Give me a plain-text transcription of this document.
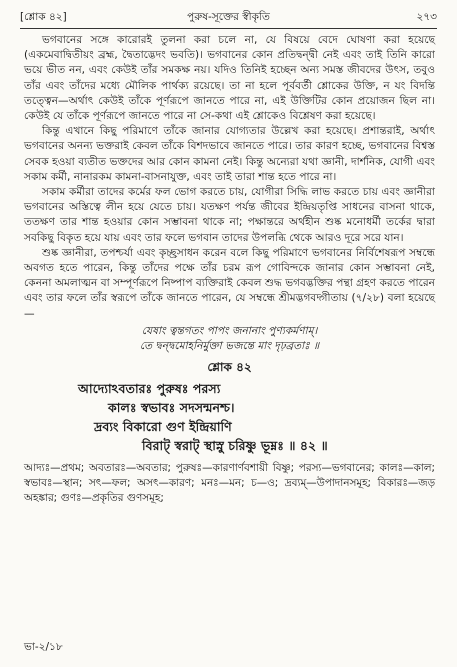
[শ্লোক ৪২]	পুরুষ-সূক্তের স্বীকৃতি	২৭৩

ভগবানের সঙ্গে কারোরই তুলনা করা চলে না, যে বিষয়ে বেদে ঘোষণা করা হয়েছে (একমেবাদ্বিতীয়ং ব্রহ্ম, দ্বৈতাদ্ভেদং ভবতি)। ভগবানের কোন প্রতিদ্বন্দ্বী নেই এবং তাই তিনি কারো ভয়ে ভীত নন, এবং কেউই তাঁর সমকক্ষ নয়। যদিও তিনিই হচ্ছেন অন্য সমস্ত জীবদের উৎস, তবুও তাঁর এবং তাঁদের মধ্যে মৌলিক পার্থক্য রয়েছে। তা না হলে পূর্ববর্তী শ্লোকের উক্তি, ন যং বিদন্তি তত্ত্বেন—অর্থাৎ কেউই তাঁকে পূর্ণরূপে জানতে পারে না, এই উক্তিটির কোন প্রয়োজন ছিল না। কেউই যে তাঁকে পূর্ণরূপে জানতে পারে না সে-কথা এই শ্লোকেও বিশ্লেষণ করা হয়েছে।

কিন্তু এখানে কিছু পরিমাণে তাঁকে জানার যোগ্যতার উল্লেখ করা হয়েছে। প্রশান্তরাই, অর্থাৎ ভগবানের অনন্য ভক্তরাই কেবল তাঁকে বিশদভাবে জানতে পারে। তার কারণ হচ্ছে, ভগবানের বিশ্বস্ত সেবক হওয়া ব্যতীত ভক্তদের আর কোন কামনা নেই। কিন্তু অন্যেরা যথা জ্ঞানী, দার্শনিক, যোগী এবং সকাম কর্মী, নানারকম কামনা-বাসনাযুক্ত, এবং তাই তারা শান্ত হতে পারে না।

সকাম কর্মীরা তাদের কর্মের ফল ভোগ করতে চায়, যোগীরা সিদ্ধি লাভ করতে চায় এবং জ্ঞানীরা ভগবানের অস্তিত্বে লীন হয়ে যেতে চায়। যতক্ষণ পর্যন্ত জীবের ইন্দ্রিয়তৃপ্তি সাধনের বাসনা থাকে, ততক্ষণ তার শান্ত হওয়ার কোন সম্ভাবনা থাকে না; পক্ষান্তরে অর্থহীন শুষ্ক মনোধর্মী তর্কের দ্বারা সবকিছু বিকৃত হয়ে যায় এবং তার ফলে ভগবান তাদের উপলব্ধি থেকে আরও দূরে সরে যান।

শুষ্ক জ্ঞানীরা, তপশ্চর্যা এবং কৃচ্ছ্রসাধন করেন বলে কিছু পরিমাণে ভগবানের নির্বিশেষরূপ সম্বন্ধে অবগত হতে পারেন, কিন্তু তাঁদের পক্ষে তাঁর চরম রূপ গোবিন্দকে জানার কোন সম্ভাবনা নেই, কেননা অমলাত্মন বা সম্পূর্ণরূপে নিষ্পাপ ব্যক্তিরাই কেবল শুদ্ধ ভগবদ্ভক্তির পন্থা গ্রহণ করতে পারেন এবং তার ফলে তাঁর স্বরূপে তাঁকে জানতে পারেন, যে সম্বন্ধে শ্রীমদ্ভগবদ্গীতায় (৭/২৮) বলা হয়েছে—

যেষাং ত্বন্তগতং পাপং জনানাং পুণ্যকর্মণাম্‌।
তে দ্বন্দ্বমোহনির্মুক্তা ভজন্তে মাং দৃঢ়ব্রতাঃ ॥
শ্লোক ৪২
আদ্যোঽবতারঃ পুরুষঃ পরস্য
কালঃ স্বভাবঃ সদসন্মনশ্চ।
দ্রব্যং বিকারো গুণ ইন্দ্রিয়াণি
বিরাট্‌ স্বরাট্‌ স্থাস্নু চরিষ্ণু ভূম্নঃ ॥ ৪২ ॥
আদ্যঃ—প্রথম; অবতারঃ—অবতার; পুরুষঃ—কারণার্ণবশায়ী বিষ্ণু; পরস্য—ভগবানের; কালঃ—কাল; স্বভাবঃ—স্থান; সৎ—ফল; অসৎ—কারণ; মনঃ—মন; চ—ও; দ্রব্যম্—উপাদানসমূহ; বিকারঃ—জড় অহঙ্কার; গুণঃ—প্রকৃতির গুণসমূহ;
ভা-২/১৮
